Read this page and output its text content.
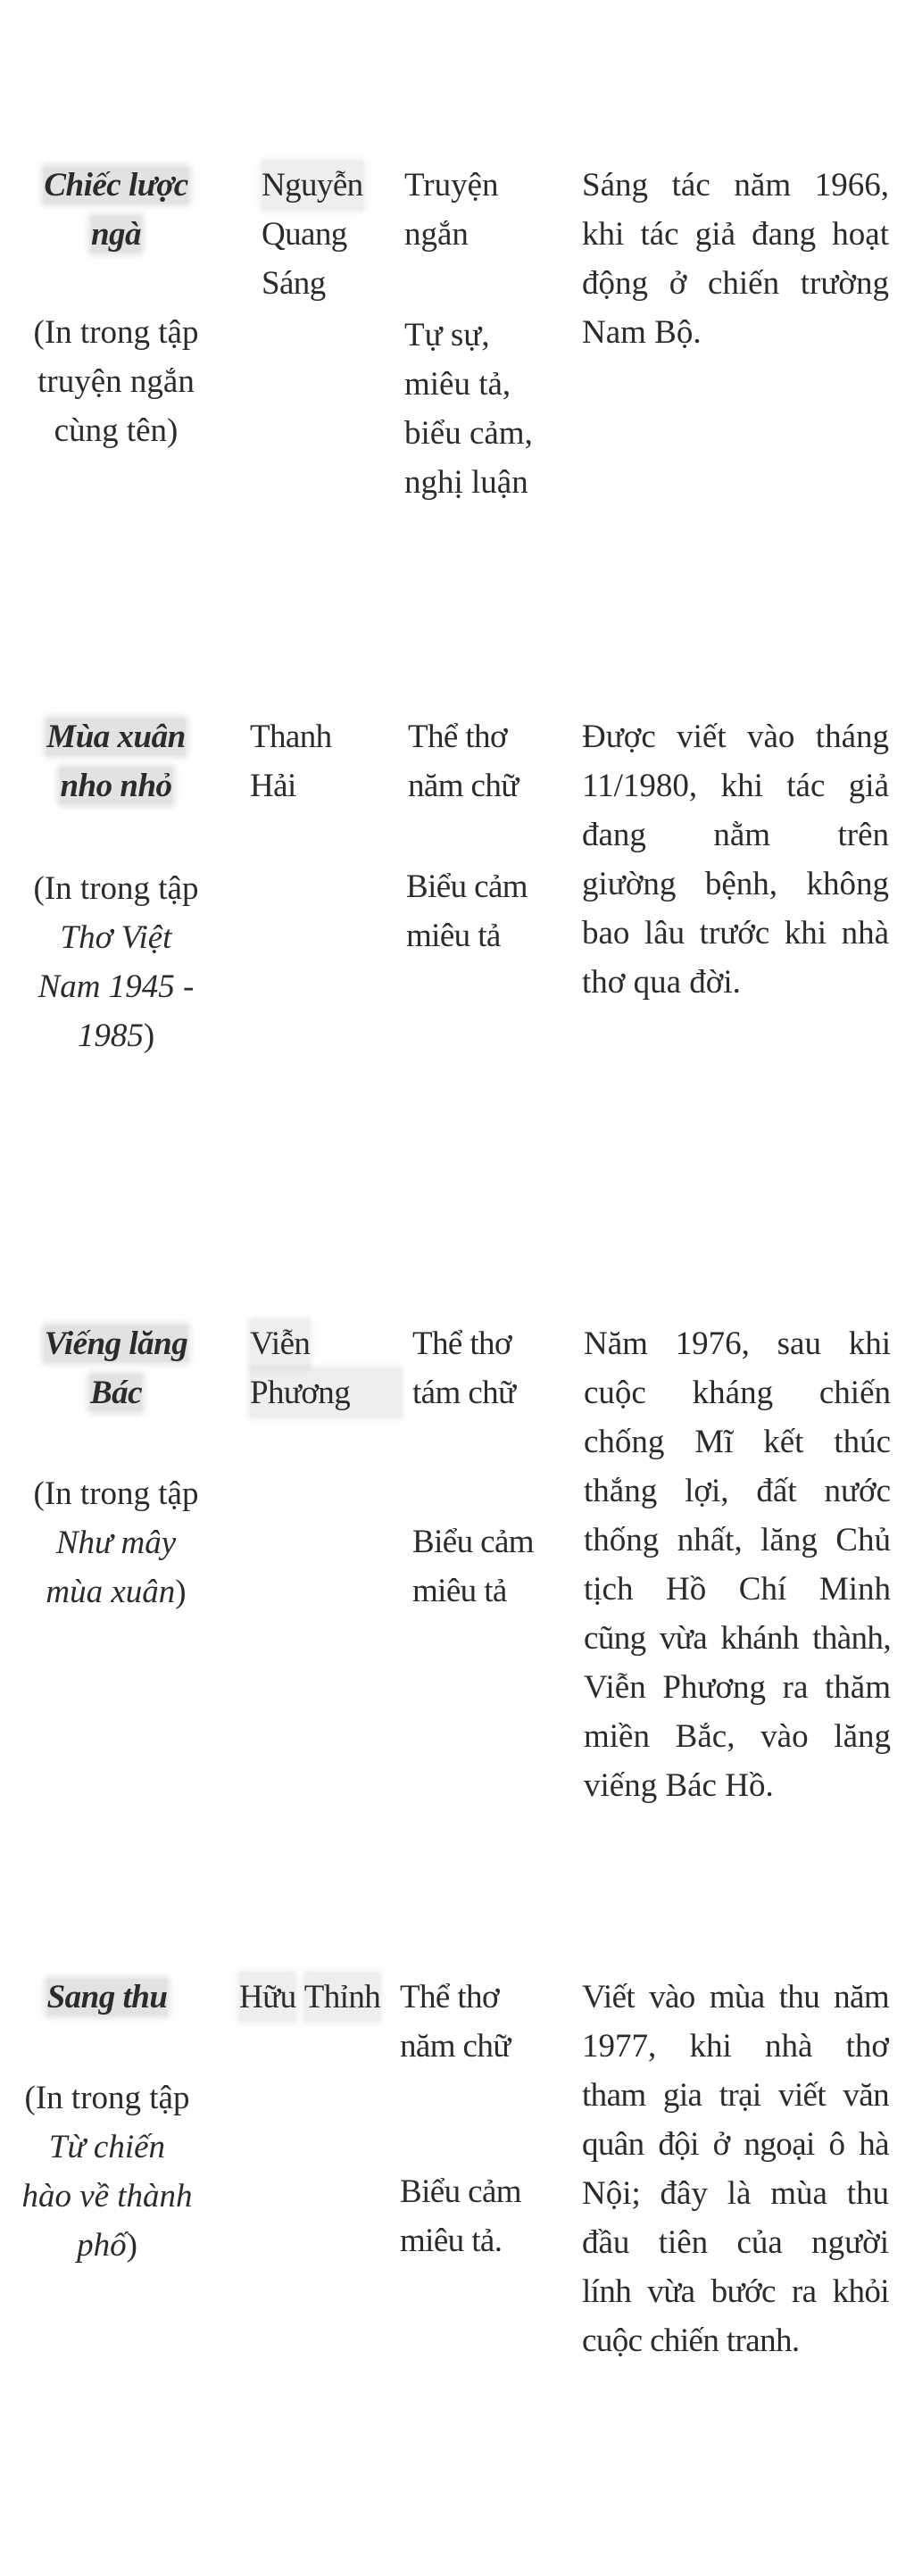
Chiếc lược
ngà
(In trong tập
truyện ngắn
cùng tên)
Nguyễn
Quang
Sáng
Truyện
ngắn
Tự sự,
miêu tả,
biểu cảm,
nghị luận
Sáng tác năm 1966,
khi tác giả đang hoạt
động ở chiến trường
Nam Bộ.
Mùa xuân
nho nhỏ
(In trong tập
Thơ Việt
Nam 1945 -
1985)
Thanh
Hải
Thể thơ
năm chữ
Biểu cảm
miêu tả
Được viết vào tháng
11/1980, khi tác giả
đang nằm trên
giường bệnh, không
bao lâu trước khi nhà
thơ qua đời.
Viếng lăng
Bác
(In trong tập
Như mây
mùa xuân)
Viễn
Phương
Thể thơ
tám chữ
Biểu cảm
miêu tả
Năm 1976, sau khi
cuộc kháng chiến
chống Mĩ kết thúc
thắng lợi, đất nước
thống nhất, lăng Chủ
tịch Hồ Chí Minh
cũng vừa khánh thành,
Viễn Phương ra thăm
miền Bắc, vào lăng
viếng Bác Hồ.
Sang thu
(In trong tập
Từ chiến
hào về thành
phố)
Hữu Thỉnh Thể thơ
năm chữ
Biểu cảm
miêu tả.
Viết vào mùa thu năm
1977, khi nhà thơ
tham gia trại viết văn
quân đội ở ngoại ô hà
Nội; đây là mùa thu
đầu tiên của người
lính vừa bước ra khỏi
cuộc chiến tranh.
